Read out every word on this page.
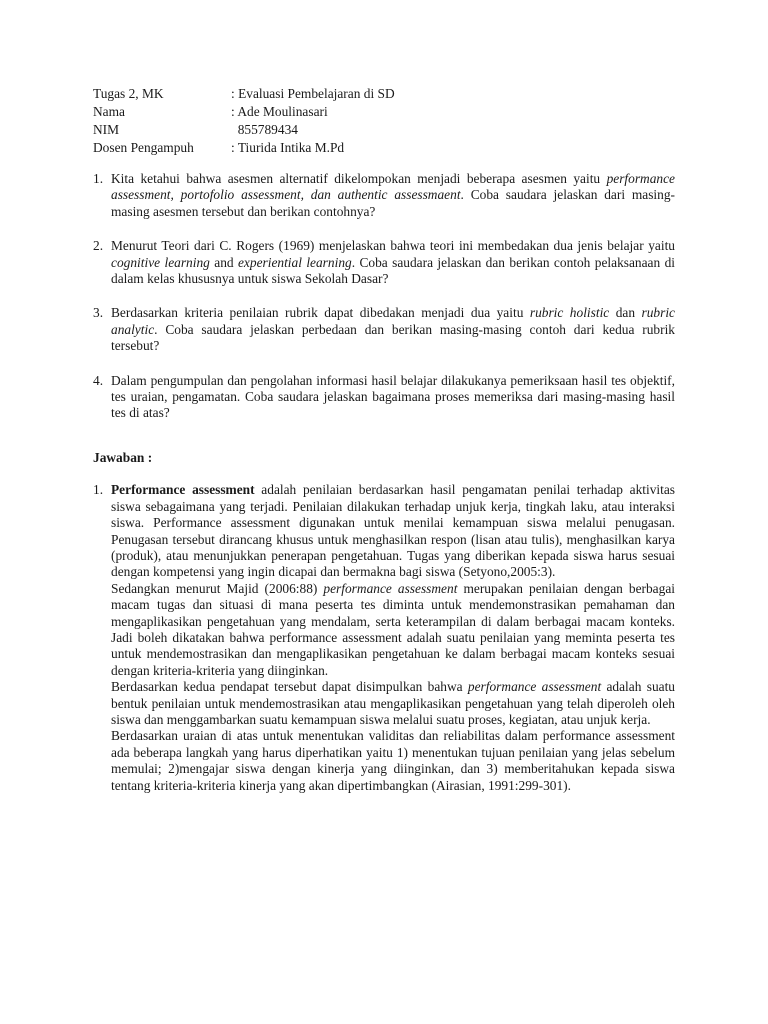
Tugas 2, MK	: Evaluasi Pembelajaran di SD
Nama	: Ade Moulinasari
NIM	855789434
Dosen Pengampuh	: Tiurida Intika M.Pd
1. Kita ketahui bahwa asesmen alternatif dikelompokan menjadi beberapa asesmen yaitu performance assessment, portofolio assessment, dan authentic assessmaent. Coba saudara jelaskan dari masing-masing asesmen tersebut dan berikan contohnya?
2. Menurut Teori dari C. Rogers (1969) menjelaskan bahwa teori ini membedakan dua jenis belajar yaitu cognitive learning and experiential learning. Coba saudara jelaskan dan berikan contoh pelaksanaan di dalam kelas khususnya untuk siswa Sekolah Dasar?
3. Berdasarkan kriteria penilaian rubrik dapat dibedakan menjadi dua yaitu rubric holistic dan rubric analytic. Coba saudara jelaskan perbedaan dan berikan masing-masing contoh dari kedua rubrik tersebut?
4. Dalam pengumpulan dan pengolahan informasi hasil belajar dilakukanya pemeriksaan hasil tes objektif, tes uraian, pengamatan. Coba saudara jelaskan bagaimana proses memeriksa dari masing-masing hasil tes di atas?
Jawaban :
1. Performance assessment adalah penilaian berdasarkan hasil pengamatan penilai terhadap aktivitas siswa sebagaimana yang terjadi. Penilaian dilakukan terhadap unjuk kerja, tingkah laku, atau interaksi siswa. Performance assessment digunakan untuk menilai kemampuan siswa melalui penugasan. Penugasan tersebut dirancang khusus untuk menghasilkan respon (lisan atau tulis), menghasilkan karya (produk), atau menunjukkan penerapan pengetahuan. Tugas yang diberikan kepada siswa harus sesuai dengan kompetensi yang ingin dicapai dan bermakna bagi siswa (Setyono,2005:3).

Sedangkan menurut Majid (2006:88) performance assessment merupakan penilaian dengan berbagai macam tugas dan situasi di mana peserta tes diminta untuk mendemonstrasikan pemahaman dan mengaplikasikan pengetahuan yang mendalam, serta keterampilan di dalam berbagai macam konteks. Jadi boleh dikatakan bahwa performance assessment adalah suatu penilaian yang meminta peserta tes untuk mendemostrasikan dan mengaplikasikan pengetahuan ke dalam berbagai macam konteks sesuai dengan kriteria-kriteria yang diinginkan.

Berdasarkan kedua pendapat tersebut dapat disimpulkan bahwa performance assessment adalah suatu bentuk penilaian untuk mendemostrasikan atau mengaplikasikan pengetahuan yang telah diperoleh oleh siswa dan menggambarkan suatu kemampuan siswa melalui suatu proses, kegiatan, atau unjuk kerja.

Berdasarkan uraian di atas untuk menentukan validitas dan reliabilitas dalam performance assessment ada beberapa langkah yang harus diperhatikan yaitu 1) menentukan tujuan penilaian yang jelas sebelum memulai; 2)mengajar siswa dengan kinerja yang diinginkan, dan 3) memberitahukan kepada siswa tentang kriteria-kriteria kinerja yang akan dipertimbangkan (Airasian, 1991:299-301).
